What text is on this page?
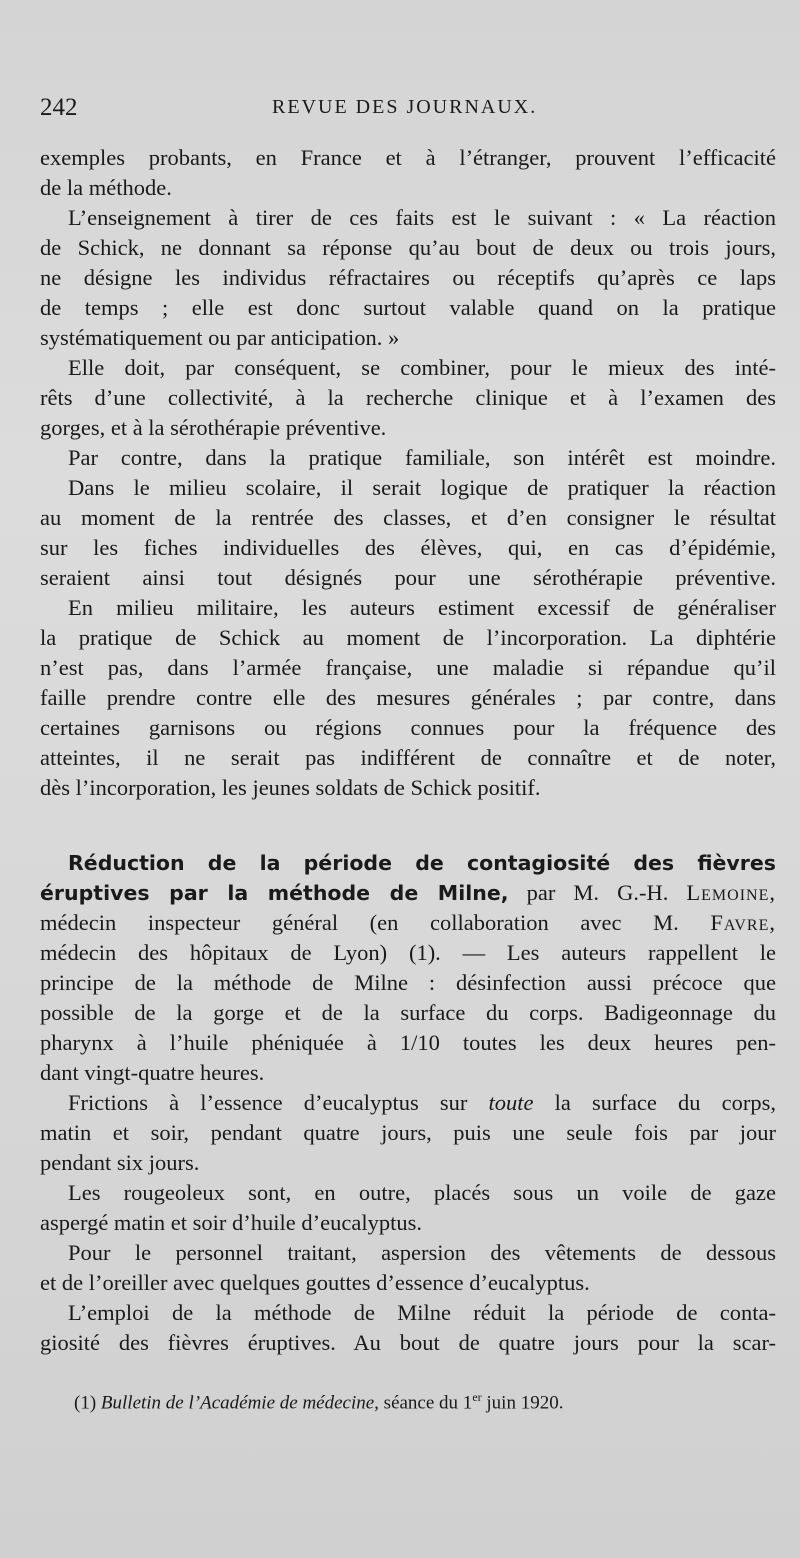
242	REVUE DES JOURNAUX.
exemples probants, en France et à l’étranger, prouvent l’efficacité
de la méthode.
L’enseignement à tirer de ces faits est le suivant : « La réaction
de Schick, ne donnant sa réponse qu’au bout de deux ou trois jours,
ne désigne les individus réfractaires ou réceptifs qu’après ce laps
de temps ; elle est donc surtout valable quand on la pratique
systématiquement ou par anticipation. »
Elle doit, par conséquent, se combiner, pour le mieux des inté-
rêts d’une collectivité, à la recherche clinique et à l’examen des
gorges, et à la sérothérapie préventive.
Par contre, dans la pratique familiale, son intérêt est moindre.
Dans le milieu scolaire, il serait logique de pratiquer la réaction
au moment de la rentrée des classes, et d’en consigner le résultat
sur les fiches individuelles des élèves, qui, en cas d’épidémie,
seraient ainsi tout désignés pour une sérothérapie préventive.
En milieu militaire, les auteurs estiment excessif de généraliser
la pratique de Schick au moment de l’incorporation. La diphtérie
n’est pas, dans l’armée française, une maladie si répandue qu’il
faille prendre contre elle des mesures générales ; par contre, dans
certaines garnisons ou régions connues pour la fréquence des
atteintes, il ne serait pas indifférent de connaître et de noter,
dès l’incorporation, les jeunes soldats de Schick positif.
Réduction de la période de contagiosité des fièvres
éruptives par la méthode de Milne, par M. G.-H. Lemoine,
médecin inspecteur général (en collaboration avec M. Favre,
médecin des hôpitaux de Lyon) (1). — Les auteurs rappellent le
principe de la méthode de Milne : désinfection aussi précoce que
possible de la gorge et de la surface du corps. Badigeonnage du
pharynx à l’huile phéniquée à 1/10 toutes les deux heures pen-
dant vingt-quatre heures.
Frictions à l’essence d’eucalyptus sur toute la surface du corps,
matin et soir, pendant quatre jours, puis une seule fois par jour
pendant six jours.
Les rougeoleux sont, en outre, placés sous un voile de gaze
aspergé matin et soir d’huile d’eucalyptus.
Pour le personnel traitant, aspersion des vêtements de dessous
et de l’oreiller avec quelques gouttes d’essence d’eucalyptus.
L’emploi de la méthode de Milne réduit la période de conta-
giosité des fièvres éruptives. Au bout de quatre jours pour la scar-
(1) Bulletin de l’Académie de médecine, séance du 1er juin 1920.
